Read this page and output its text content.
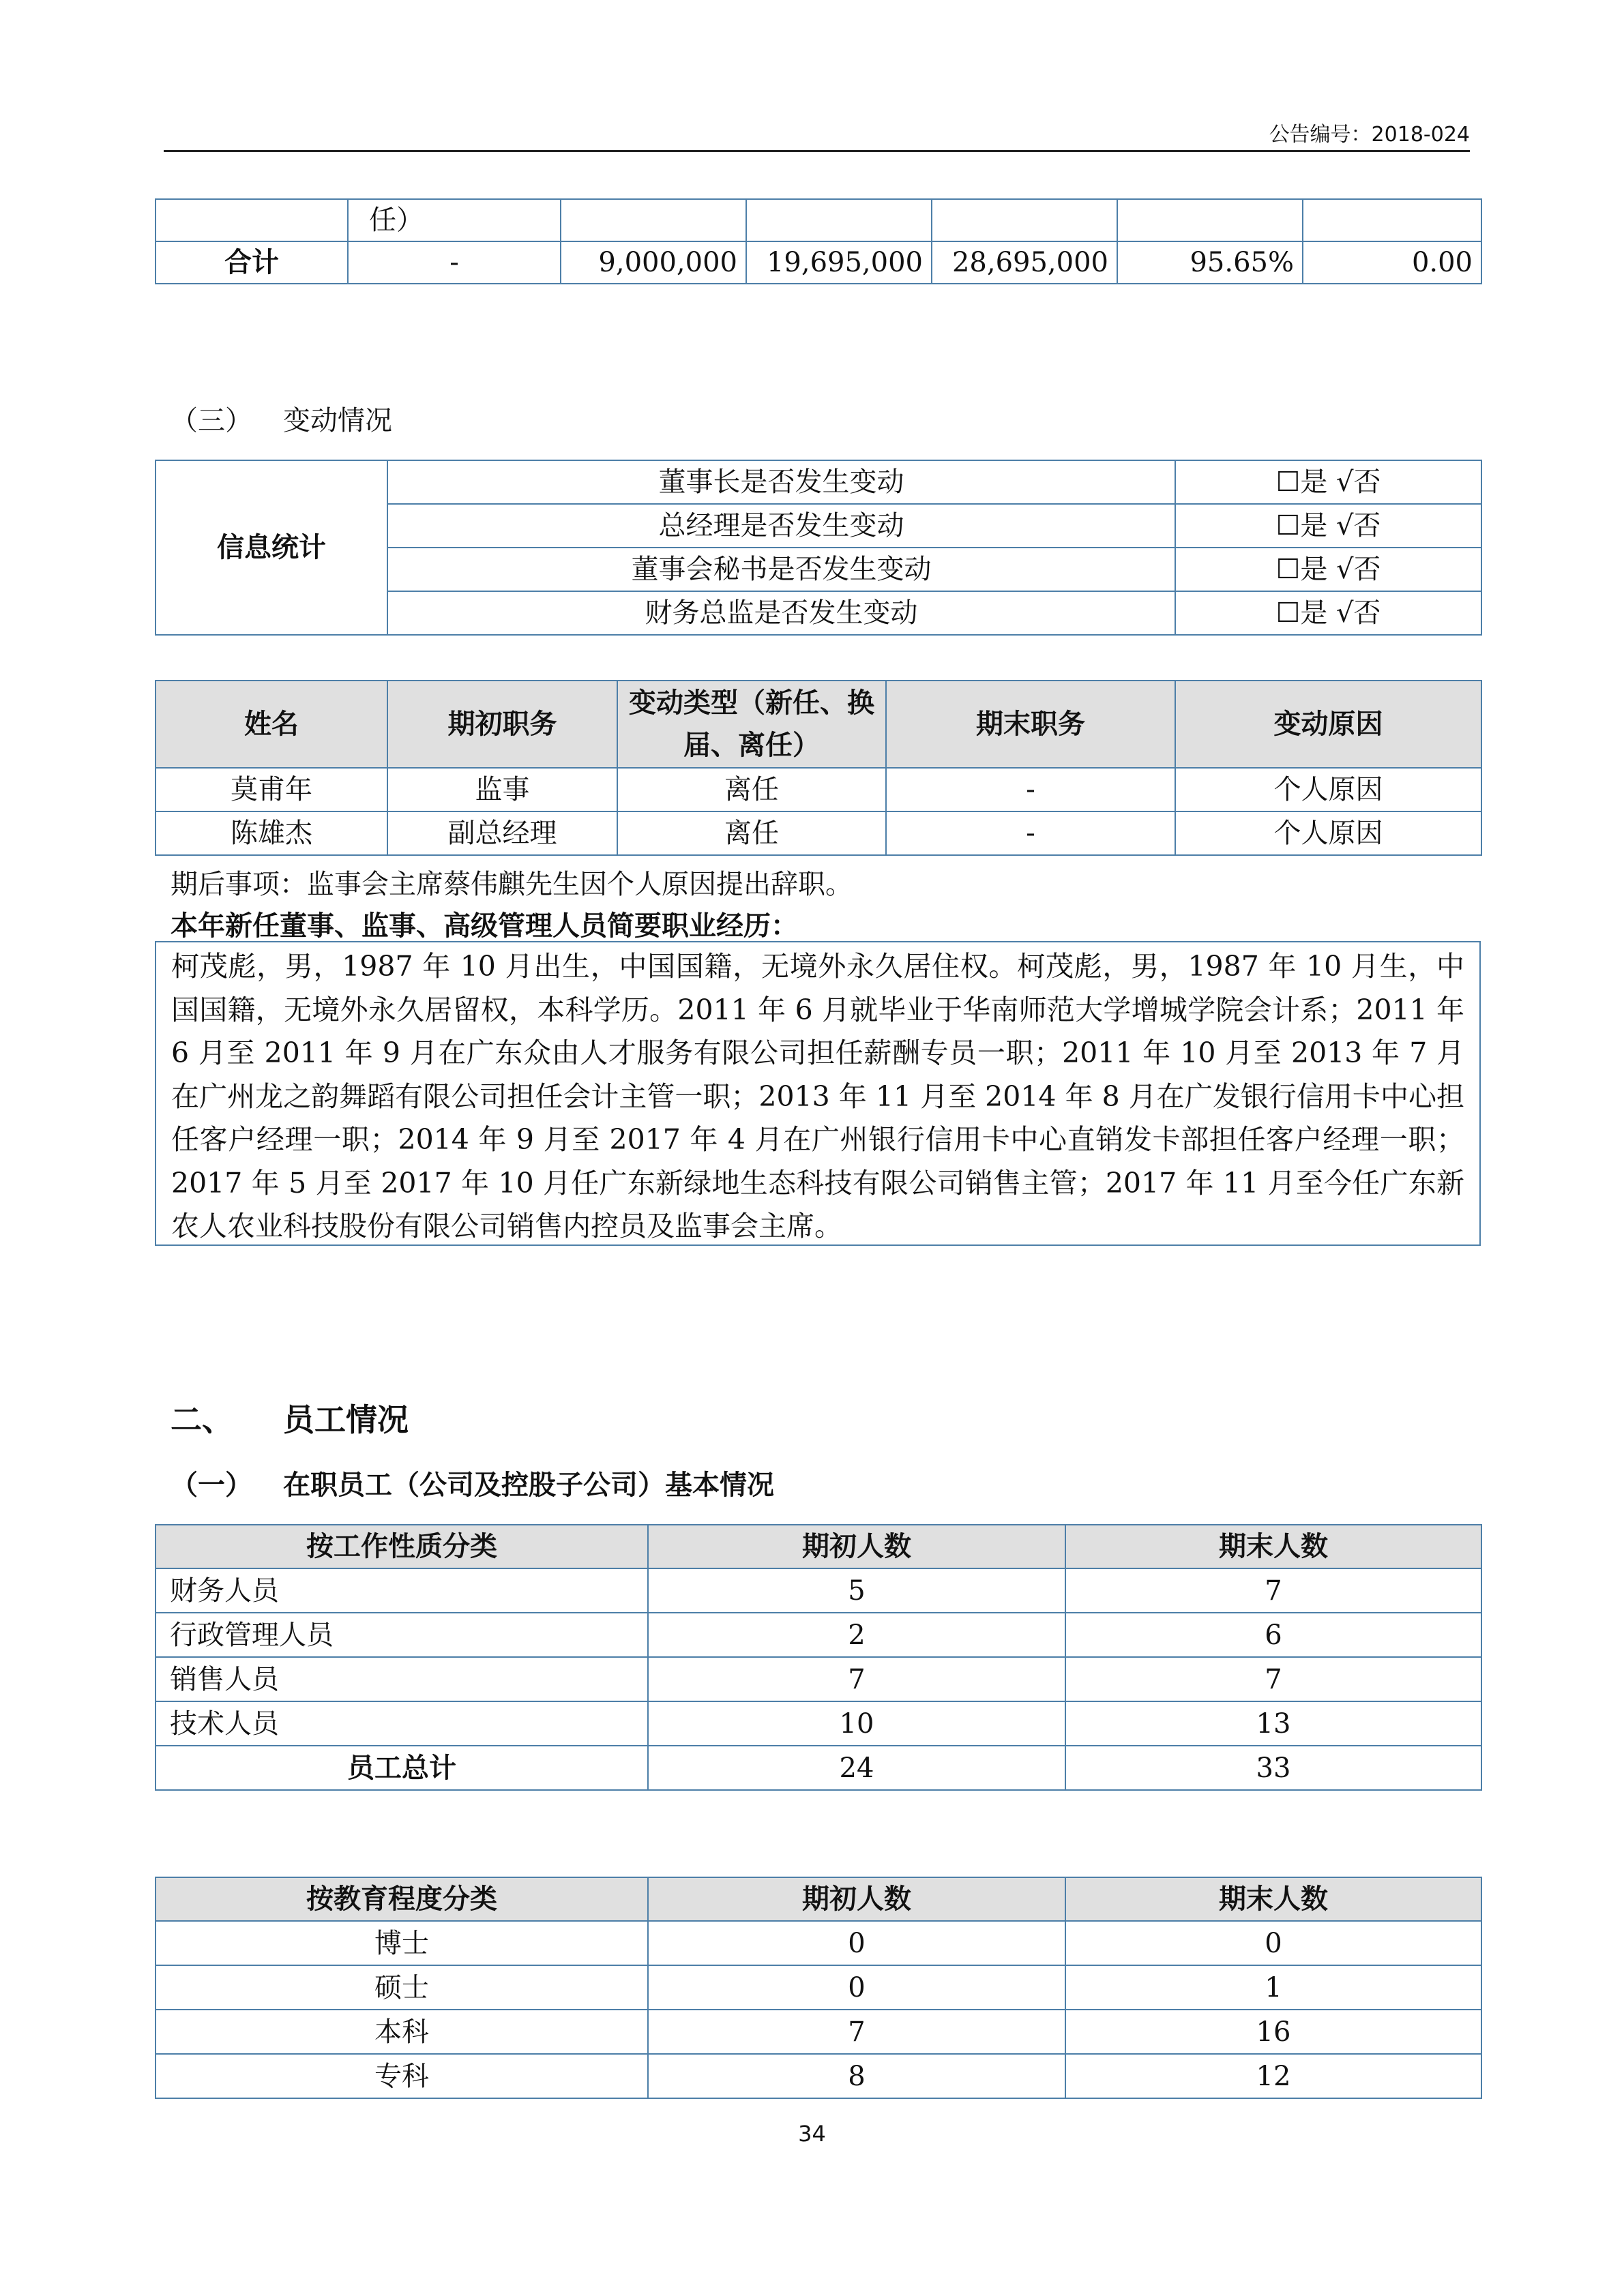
公告编号：2018-024
	任）					
合计	-	9,000,000	19,695,000	28,695,000	95.65%	0.00
（三） 变动情况
信息统计	董事长是否发生变动	☐是 √否
	总经理是否发生变动	☐是 √否
	董事会秘书是否发生变动	☐是 √否
	财务总监是否发生变动	☐是 √否
姓名	期初职务	变动类型（新任、换届、离任）	期末职务	变动原因
莫甫年	监事	离任	-	个人原因
陈雄杰	副总经理	离任	-	个人原因
期后事项：监事会主席蔡伟麒先生因个人原因提出辞职。
本年新任董事、监事、高级管理人员简要职业经历：
柯茂彪，男，1987 年 10 月出生，中国国籍，无境外永久居住权。柯茂彪，男，1987 年 10 月生，中国国籍，无境外永久居留权，本科学历。2011 年 6 月就毕业于华南师范大学增城学院会计系；2011 年 6 月至 2011 年 9 月在广东众由人才服务有限公司担任薪酬专员一职；2011 年 10 月至 2013 年 7 月在广州龙之韵舞蹈有限公司担任会计主管一职；2013 年 11 月至 2014 年 8 月在广发银行信用卡中心担任客户经理一职；2014 年 9 月至 2017 年 4 月在广州银行信用卡中心直销发卡部担任客户经理一职；2017 年 5 月至 2017 年 10 月任广东新绿地生态科技有限公司销售主管；2017 年 11 月至今任广东新农人农业科技股份有限公司销售内控员及监事会主席。
二、 员工情况
（一） 在职员工（公司及控股子公司）基本情况
按工作性质分类	期初人数	期末人数
财务人员	5	7
行政管理人员	2	6
销售人员	7	7
技术人员	10	13
员工总计	24	33
按教育程度分类	期初人数	期末人数
博士	0	0
硕士	0	1
本科	7	16
专科	8	12
34
